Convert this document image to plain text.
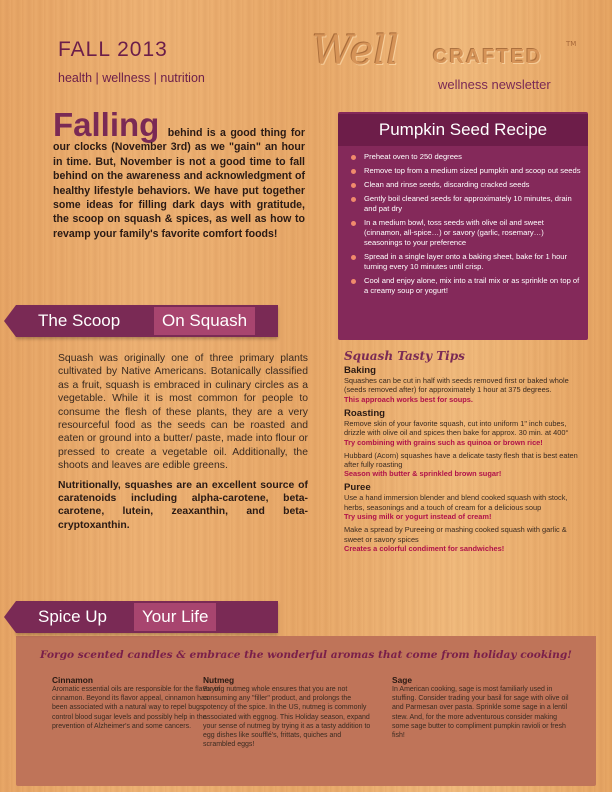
FALL 2013
health | wellness | nutrition
Well CRAFTED
TM
wellness newsletter
Falling behind is a good thing for our clocks (November 3rd) as we "gain" an hour in time. But, November is not a good time to fall behind on the awareness and acknowledgment of healthy lifestyle behaviors. We have put together some ideas for filling dark days with gratitude, the scoop on squash & spices, as well as how to revamp your family's favorite comfort foods!
Pumpkin Seed Recipe
Preheat oven to 250 degrees
Remove top from a medium sized pumpkin and scoop out seeds
Clean and rinse seeds, discarding cracked seeds
Gently boil cleaned seeds for approximately 10 minutes, drain and pat dry
In a medium bowl, toss seeds with olive oil and sweet (cinnamon, all-spice…) or savory (garlic, rosemary…) seasonings to your preference
Spread in a single layer onto a baking sheet, bake for 1 hour turning every 10 minutes until crisp.
Cool and enjoy alone, mix into a trail mix or as sprinkle on top of a creamy soup or yogurt!
The Scoop	On Squash

Squash was originally one of three primary plants cultivated by Native Americans. Botanically classified as a fruit, squash is embraced in culinary circles as a vegetable. While it is most common for people to consume the flesh of these plants, they are a very resourceful food as the seeds can be roasted and eaten or ground into a butter/ paste, made into flour or pressed to create a vegetable oil. Additionally, the shoots and leaves are edible greens.

Nutritionally, squashes are an excellent source of caratenoids including alpha-carotene, beta-carotene, lutein, zeaxanthin, and beta-cryptoxanthin.

Squash Tasty Tips
Baking
Squashes can be cut in half with seeds removed first or baked whole (seeds removed after) for approximately 1 hour at 375 degrees.
This approach works best for soups.
Roasting
Remove skin of your favorite squash, cut into uniform 1" inch cubes, drizzle with olive oil and spices then bake for approx. 30 min. at 400°
Try combining with grains such as quinoa or brown rice!
Hubbard (Acorn) squashes have a delicate tasty flesh that is best eaten after fully roasting
Season with butter & sprinkled brown sugar!
Puree
Use a hand immersion blender and blend cooked squash with stock, herbs, seasonings and a touch of cream for a delicious soup
Try using milk or yogurt instead of cream!
Make a spread by Pureeing or mashing cooked squash with garlic & sweet or savory spices
Creates a colorful condiment for sandwiches!
Spice Up	Your Life
Forgo scented candles & embrace the wonderful aromas that come from holiday cooking!
Cinnamon
Aromatic essential oils are responsible for the flavor of cinnamon. Beyond its flavor appeal, cinnamon has been associated with a natural way to repel bugs, control blood sugar levels and possibly help in the prevention of Alzheimer's and some cancers.
Nutmeg
Buying nutmeg whole ensures that you are not consuming any "filler" product, and prolongs the potency of the spice. In the US, nutmeg is commonly associated with eggnog. This Holiday season, expand your sense of nutmeg by trying it as a tasty addition to egg dishes like soufflé's, frittats, quiches and scrambled eggs!
Sage
In American cooking, sage is most familiarly used in stuffing. Consider trading your basil for sage with olive oil and Parmesan over pasta. Sprinkle some sage in a lentil stew. And, for the more adventurous consider making some sage butter to compliment pumpkin ravioli or fresh fish!
